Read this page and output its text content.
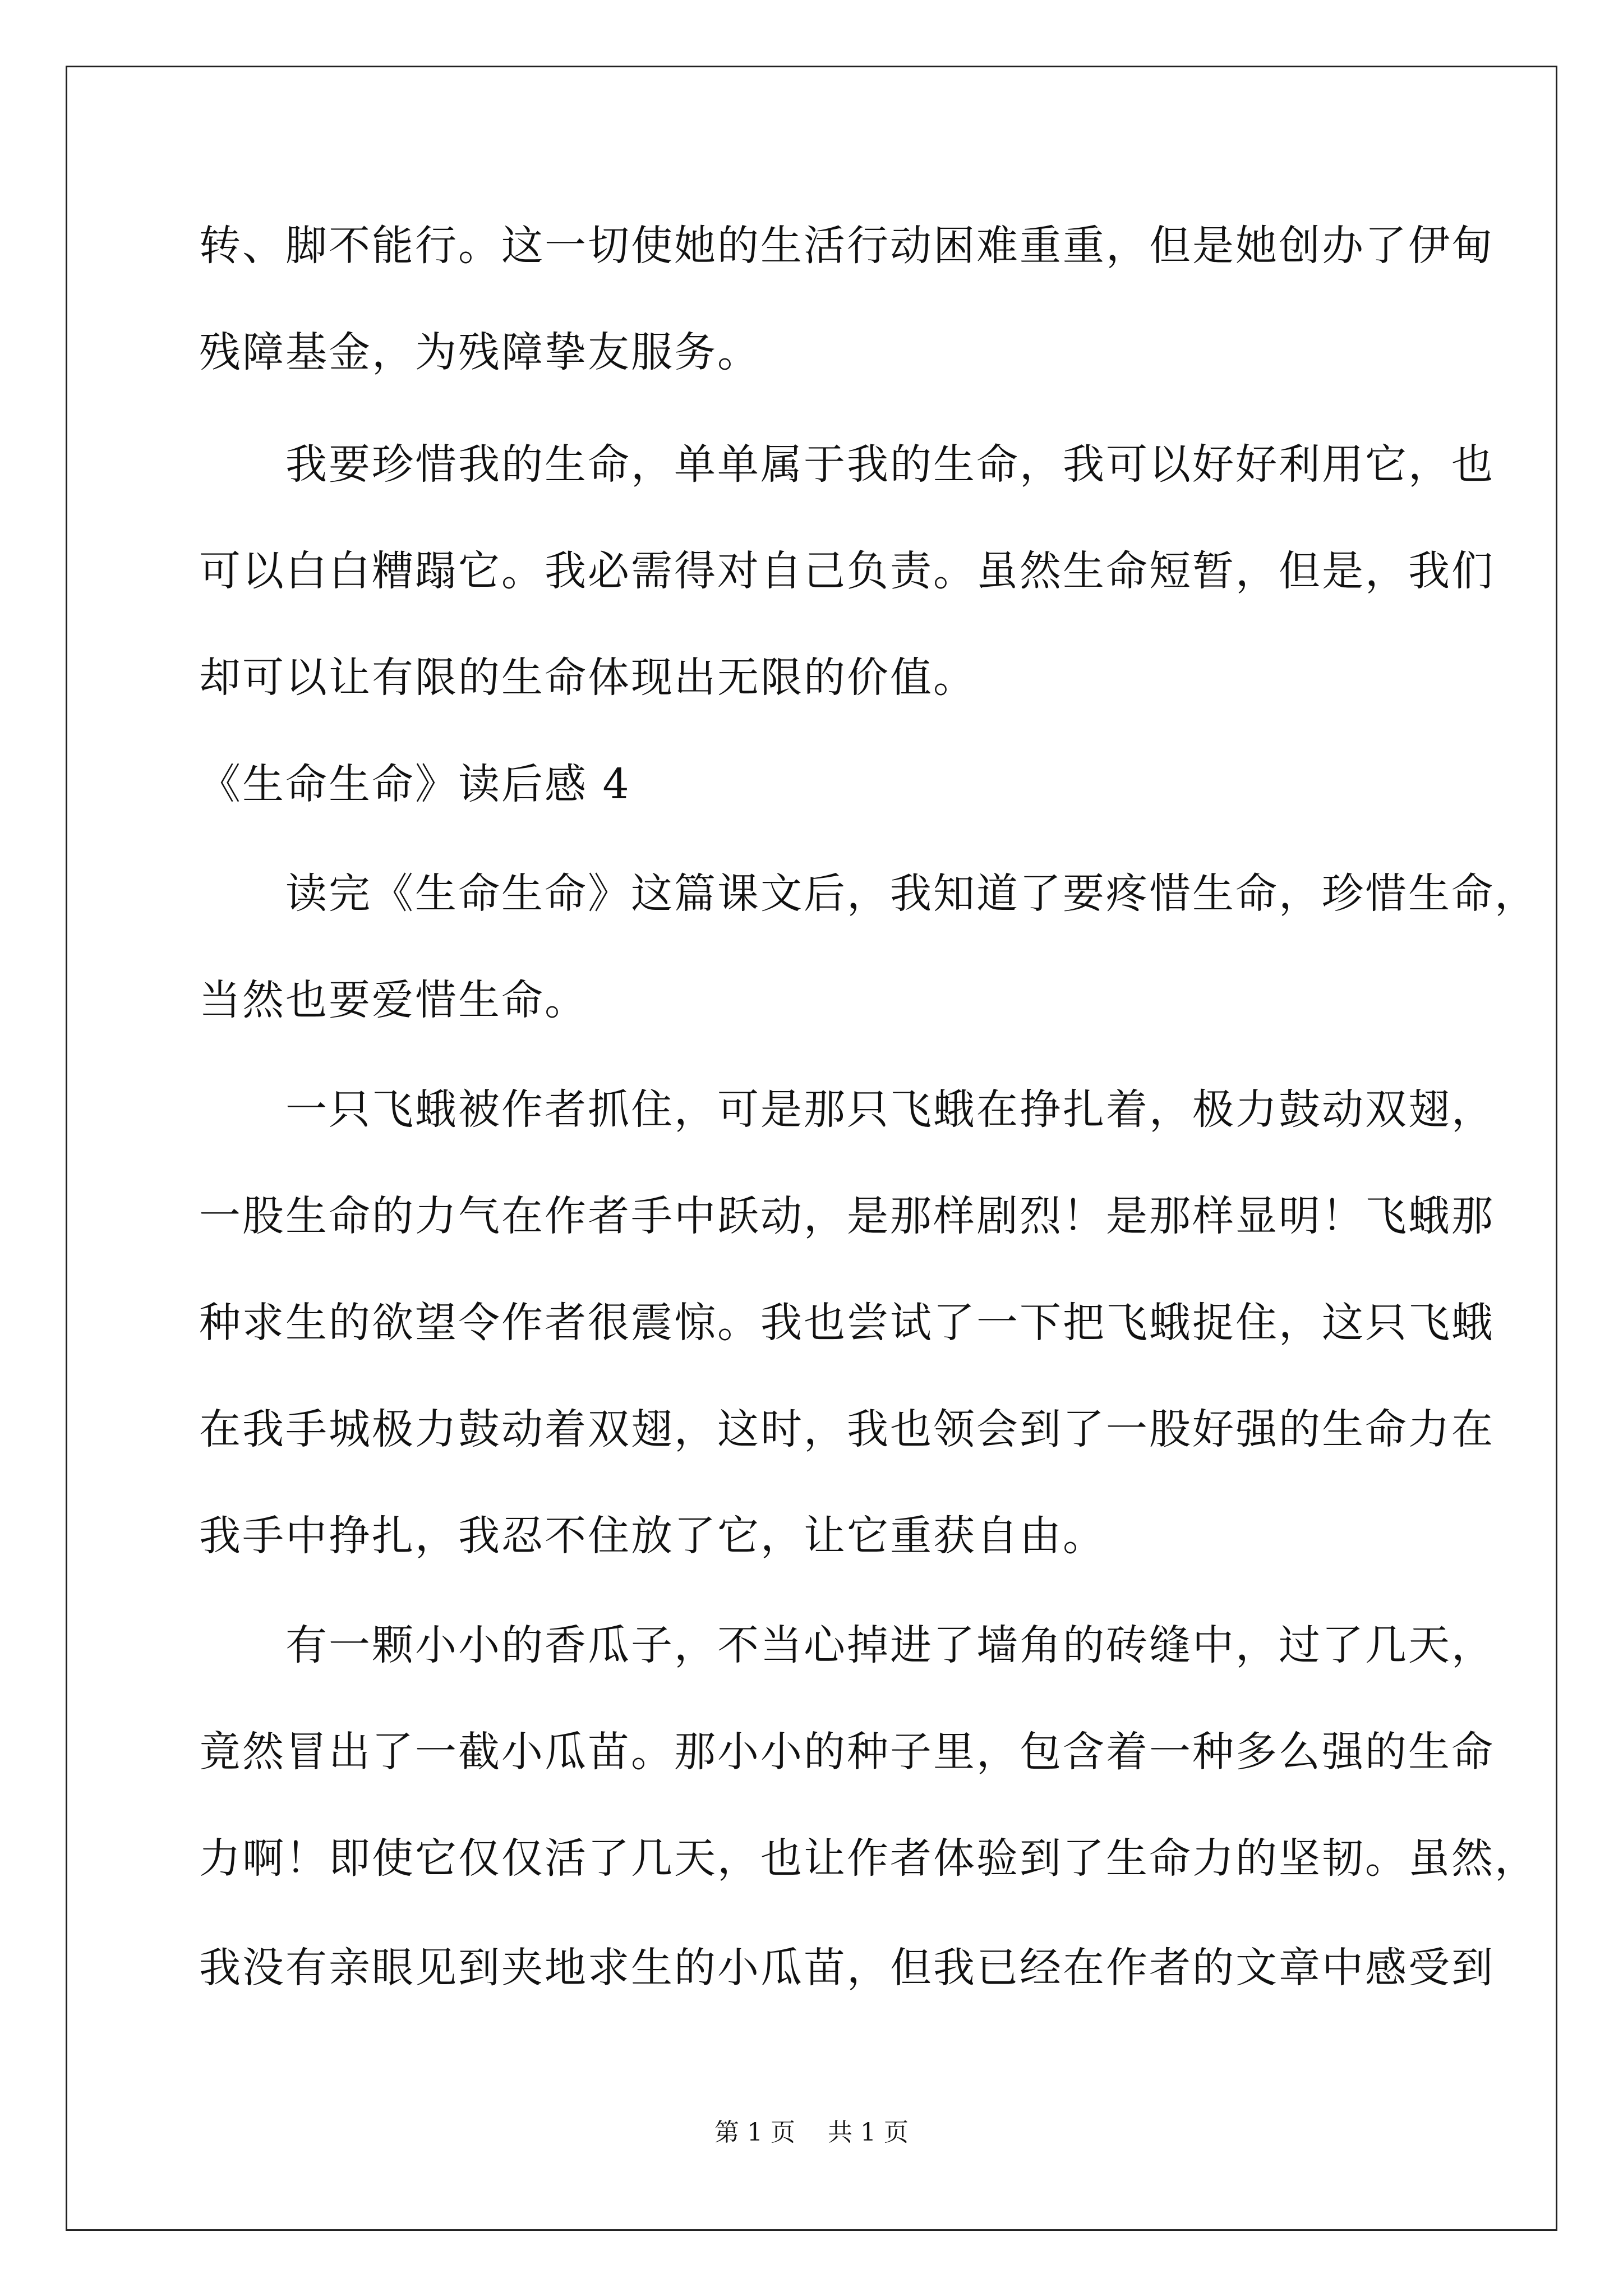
转、脚不能行。这一切使她的生活行动困难重重，但是她创办了伊甸
残障基金，为残障挚友服务。
　　我要珍惜我的生命，单单属于我的生命，我可以好好利用它，也
可以白白糟蹋它。我必需得对自己负责。虽然生命短暂，但是，我们
却可以让有限的生命体现出无限的价值。
《生命生命》读后感 4
　　读完《生命生命》这篇课文后，我知道了要疼惜生命，珍惜生命，
当然也要爱惜生命。
　　一只飞蛾被作者抓住，可是那只飞蛾在挣扎着，极力鼓动双翅，
一股生命的力气在作者手中跃动，是那样剧烈！是那样显明！飞蛾那
种求生的欲望令作者很震惊。我也尝试了一下把飞蛾捉住，这只飞蛾
在我手城极力鼓动着双翅，这时，我也领会到了一股好强的生命力在
我手中挣扎，我忍不住放了它，让它重获自由。
　　有一颗小小的香瓜子，不当心掉进了墙角的砖缝中，过了几天，
竟然冒出了一截小瓜苗。那小小的种子里，包含着一种多么强的生命
力啊！即使它仅仅活了几天，也让作者体验到了生命力的坚韧。虽然，
我没有亲眼见到夹地求生的小瓜苗，但我已经在作者的文章中感受到
第 1 页　 共 1 页
